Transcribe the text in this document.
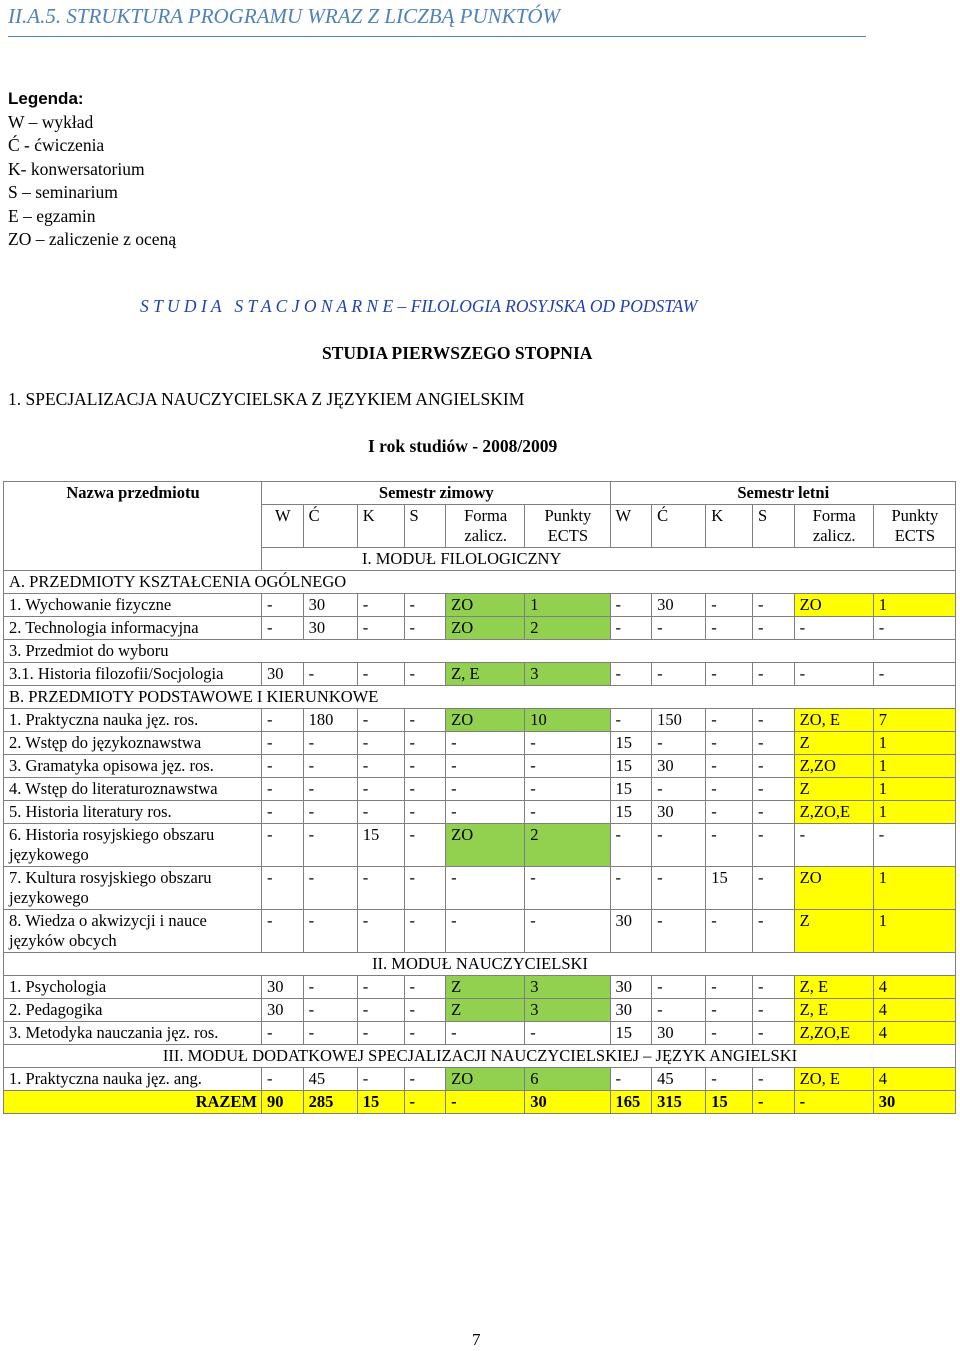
II.A.5. STRUKTURA PROGRAMU WRAZ Z LICZBĄ PUNKTÓW
Legenda:
W – wykład
Ć - ćwiczenia
K- konwersatorium
S – seminarium
E – egzamin
ZO – zaliczenie z oceną
S T U D I A   S T A C J O N A R N E – FILOLOGIA ROSYJSKA OD PODSTAW
STUDIA PIERWSZEGO STOPNIA
1. SPECJALIZACJA NAUCZYCIELSKA Z JĘZYKIEM ANGIELSKIM
I rok studiów - 2008/2009
Nazwa przedmiotu	Semestr zimowy						Semestr letni					
	W	Ć	K	S	Forma zalicz.	Punkty ECTS	W	Ć	K	S	Forma zalicz.	Punkty ECTS
	I. MODUŁ FILOLOGICZNY											
A. PRZEDMIOTY KSZTAŁCENIA OGÓLNEGO												
1. Wychowanie fizyczne	-	30	-	-	ZO	1	-	30	-	-	ZO	1
2. Technologia informacyjna	-	30	-	-	ZO	2	-	-	-	-	-	-
3. Przedmiot do wyboru												
3.1. Historia filozofii/Socjologia	30	-	-	-	Z, E	3	-	-	-	-	-	-
B. PRZEDMIOTY PODSTAWOWE I KIERUNKOWE												
1. Praktyczna nauka jęz. ros.	-	180	-	-	ZO	10	-	150	-	-	ZO, E	7
2. Wstęp do językoznawstwa	-	-	-	-	-	-	15	-	-	-	Z	1
3. Gramatyka opisowa jęz. ros.	-	-	-	-	-	-	15	30	-	-	Z,ZO	1
4. Wstęp do literaturoznawstwa	-	-	-	-	-	-	15	-	-	-	Z	1
5. Historia literatury ros.	-	-	-	-	-	-	15	30	-	-	Z,ZO,E	1
6. Historia rosyjskiego obszaru językowego	-	-	15	-	ZO	2	-	-	-	-	-	-
7. Kultura rosyjskiego obszaru jezykowego	-	-	-	-	-	-	-	-	15	-	ZO	1
8. Wiedza o akwizycji i nauce języków obcych	-	-	-	-	-	-	30	-	-	-	Z	1
II. MODUŁ NAUCZYCIELSKI												
1. Psychologia	30	-	-	-	Z	3	30	-	-	-	Z, E	4
2. Pedagogika	30	-	-	-	Z	3	30	-	-	-	Z, E	4
3. Metodyka nauczania jęz. ros.	-	-	-	-	-	-	15	30	-	-	Z,ZO,E	4
III. MODUŁ DODATKOWEJ SPECJALIZACJI NAUCZYCIELSKIEJ – JĘZYK ANGIELSKI												
1. Praktyczna nauka jęz. ang.	-	45	-	-	ZO	6	-	45	-	-	ZO, E	4
RAZEM	90	285	15	-	-	30	165	315	15	-	-	30
7
